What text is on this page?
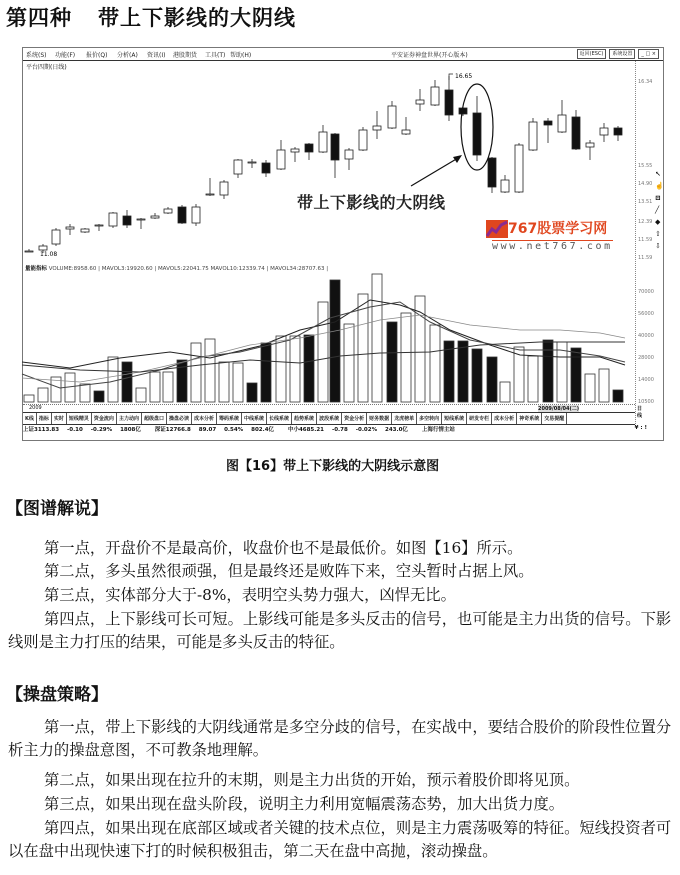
第四种 带上下影线的大阴线
系统(S) 功能(F) 报价(Q) 分析(A) 资讯(I) 港股期货 工具(T) 帮助(H)	平安证券神盘世界(开心版本)	返回(ESC)	系统设置	_ □ ×
平台四期(日线)
16.34
15.55
14.90
13.51
12.39
11.59
11.59
70000
56000
40000
28000
14000
10500
↖
☝
⊡
╱
◆
⇧
⇩
量能指标 VOLUME:8958.60 | MAVOL3:19920.60 | MAVOL5:22041.75 MAVOL10:12339.74 | MAVOL34:28707.63 |
2009	2009/08/04(二)	日线
K线	指标	实时	短线精灵	资金流向	主力动向	超级盘口	操盘必读	成本分析	筹码系统	中线系统	长线系统	趋势系统	波段系统	资金分析	财务数据	龙虎榜单	多空转向	短线系统	研发专栏	成本分析	神奇系统	交易提醒
上证3113.83 -0.10 -0.29% 1808亿	深证12766.8 89.07 0.54% 802.4亿	中小4685.21 -0.78 -0.02% 243.0亿	上海行情主站	¥ : !
16.65
11.08
带上下影线的大阴线
767股票学习网
www.net767.com
图【16】带上下影线的大阴线示意图
【图谱解说】
第一点，开盘价不是最高价，收盘价也不是最低价。如图【16】所示。
第二点，多头虽然很顽强，但是最终还是败阵下来，空头暂时占据上风。
第三点，实体部分大于-8%，表明空头势力强大，凶悍无比。
第四点，上下影线可长可短。上影线可能是多头反击的信号，也可能是主力出货的信号。下影线则是主力打压的结果，可能是多头反击的特征。
【操盘策略】
第一点，带上下影线的大阴线通常是多空分歧的信号，在实战中，要结合股价的阶段性位置分析主力的操盘意图，不可教条地理解。
第二点，如果出现在拉升的末期，则是主力出货的开始，预示着股价即将见顶。
第三点，如果出现在盘头阶段，说明主力利用宽幅震荡态势，加大出货力度。
第四点，如果出现在底部区域或者关键的技术点位，则是主力震荡吸筹的特征。短线投资者可以在盘中出现快速下打的时候积极狙击，第二天在盘中高抛，滚动操盘。
